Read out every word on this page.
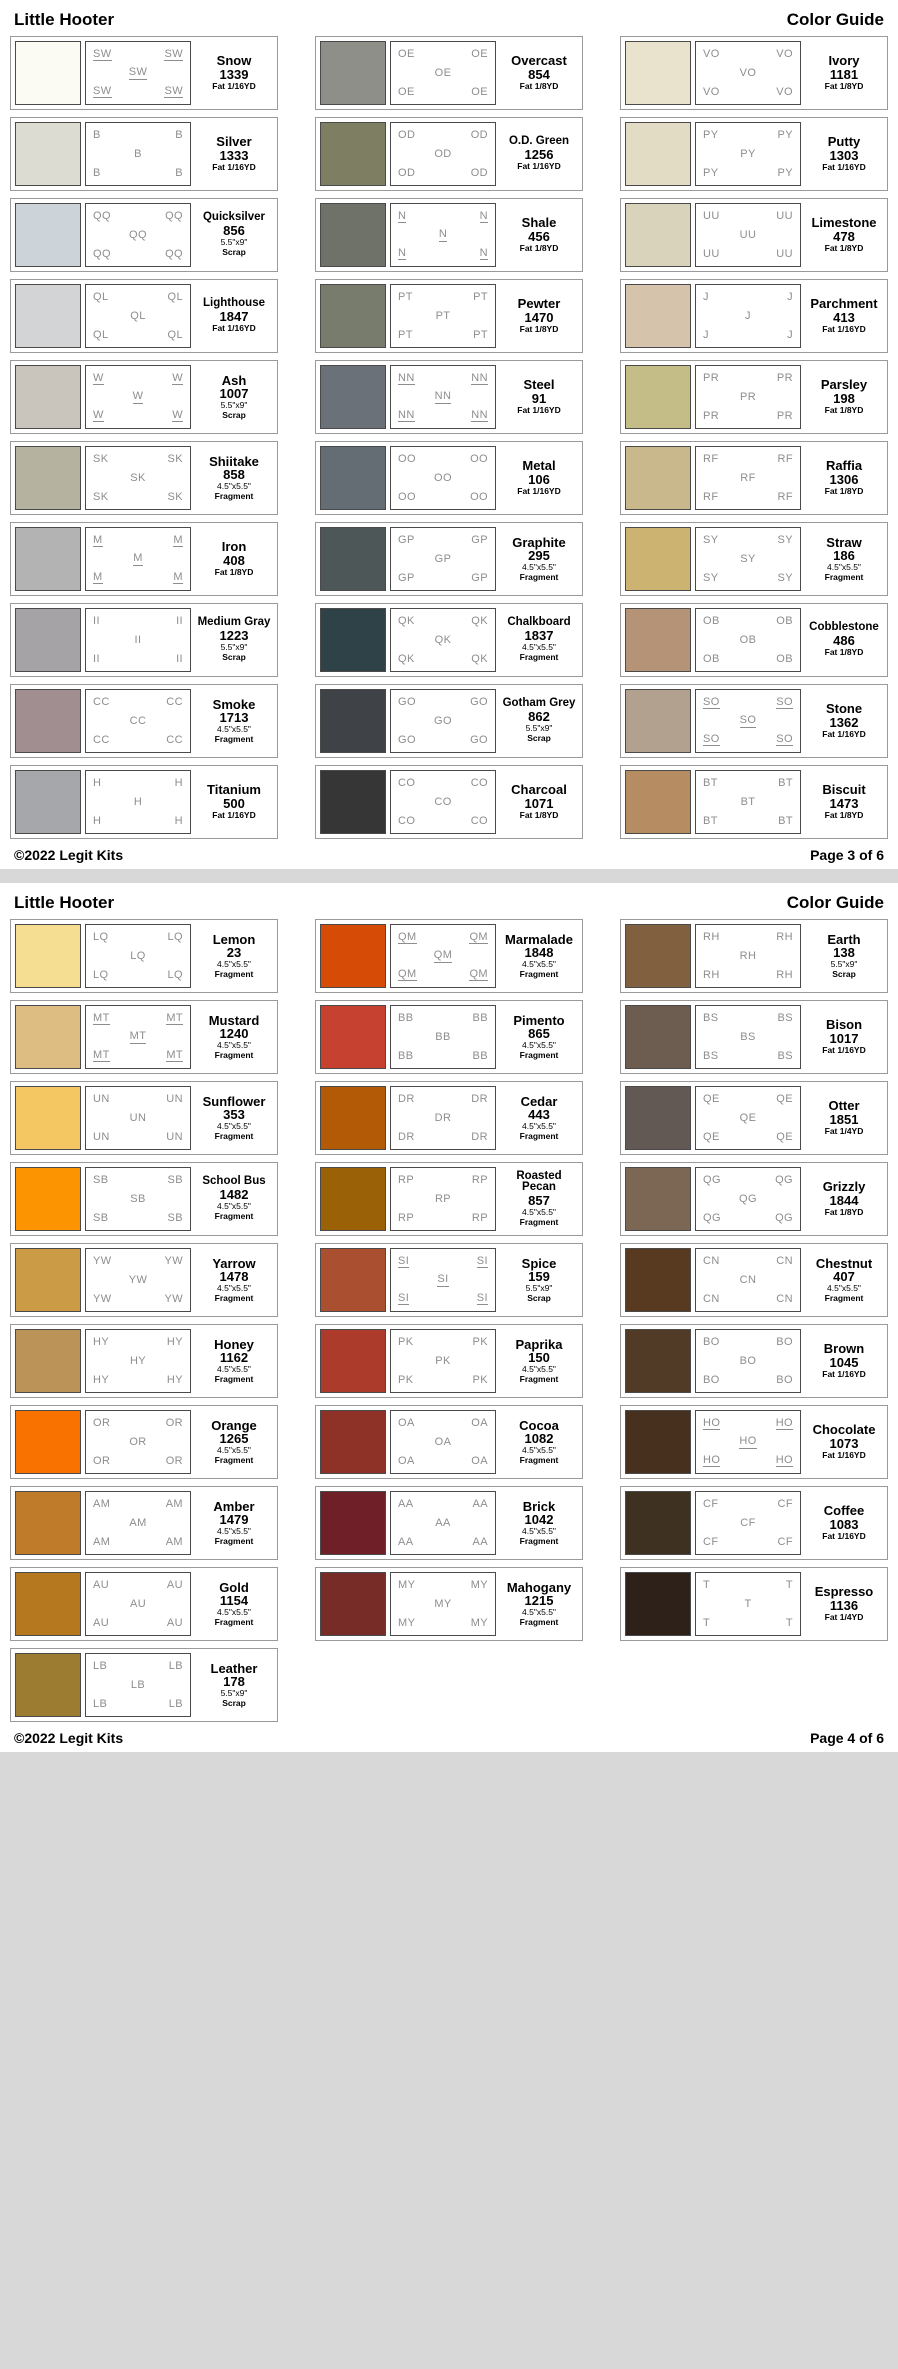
Little Hooter	Color Guide
SW	SW
SW
SW	SW
Snow
1339
Fat 1/16YD
B	B
B
B	B
Silver
1333
Fat 1/16YD
QQ	QQ
QQ
QQ	QQ
Quicksilver
856
5.5"x9"
Scrap
QL	QL
QL
QL	QL
Lighthouse
1847
Fat 1/16YD
W	W
W
W	W
Ash
1007
5.5"x9"
Scrap
SK	SK
SK
SK	SK
Shiitake
858
4.5"x5.5"
Fragment
M	M
M
M	M
Iron
408
Fat 1/8YD
II	II
II
II	II
Medium Gray
1223
5.5"x9"
Scrap
CC	CC
CC
CC	CC
Smoke
1713
4.5"x5.5"
Fragment
H	H
H
H	H
Titanium
500
Fat 1/16YD
OE	OE
OE
OE	OE
Overcast
854
Fat 1/8YD
OD	OD
OD
OD	OD
O.D. Green
1256
Fat 1/16YD
N	N
N
N	N
Shale
456
Fat 1/8YD
PT	PT
PT
PT	PT
Pewter
1470
Fat 1/8YD
NN	NN
NN
NN	NN
Steel
91
Fat 1/16YD
OO	OO
OO
OO	OO
Metal
106
Fat 1/16YD
GP	GP
GP
GP	GP
Graphite
295
4.5"x5.5"
Fragment
QK	QK
QK
QK	QK
Chalkboard
1837
4.5"x5.5"
Fragment
GO	GO
GO
GO	GO
Gotham Grey
862
5.5"x9"
Scrap
CO	CO
CO
CO	CO
Charcoal
1071
Fat 1/8YD
VO	VO
VO
VO	VO
Ivory
1181
Fat 1/8YD
PY	PY
PY
PY	PY
Putty
1303
Fat 1/16YD
UU	UU
UU
UU	UU
Limestone
478
Fat 1/8YD
J	J
J
J	J
Parchment
413
Fat 1/16YD
PR	PR
PR
PR	PR
Parsley
198
Fat 1/8YD
RF	RF
RF
RF	RF
Raffia
1306
Fat 1/8YD
SY	SY
SY
SY	SY
Straw
186
4.5"x5.5"
Fragment
OB	OB
OB
OB	OB
Cobblestone
486
Fat 1/8YD
SO	SO
SO
SO	SO
Stone
1362
Fat 1/16YD
BT	BT
BT
BT	BT
Biscuit
1473
Fat 1/8YD
©2022 Legit Kits	Page 3 of 6
Little Hooter	Color Guide
LQ	LQ
LQ
LQ	LQ
Lemon
23
4.5"x5.5"
Fragment
MT	MT
MT
MT	MT
Mustard
1240
4.5"x5.5"
Fragment
UN	UN
UN
UN	UN
Sunflower
353
4.5"x5.5"
Fragment
SB	SB
SB
SB	SB
School Bus
1482
4.5"x5.5"
Fragment
YW	YW
YW
YW	YW
Yarrow
1478
4.5"x5.5"
Fragment
HY	HY
HY
HY	HY
Honey
1162
4.5"x5.5"
Fragment
OR	OR
OR
OR	OR
Orange
1265
4.5"x5.5"
Fragment
AM	AM
AM
AM	AM
Amber
1479
4.5"x5.5"
Fragment
AU	AU
AU
AU	AU
Gold
1154
4.5"x5.5"
Fragment
LB	LB
LB
LB	LB
Leather
178
5.5"x9"
Scrap
QM	QM
QM
QM	QM
Marmalade
1848
4.5"x5.5"
Fragment
BB	BB
BB
BB	BB
Pimento
865
4.5"x5.5"
Fragment
DR	DR
DR
DR	DR
Cedar
443
4.5"x5.5"
Fragment
RP	RP
RP
RP	RP
Roasted Pecan
857
4.5"x5.5"
Fragment
SI	SI
SI
SI	SI
Spice
159
5.5"x9"
Scrap
PK	PK
PK
PK	PK
Paprika
150
4.5"x5.5"
Fragment
OA	OA
OA
OA	OA
Cocoa
1082
4.5"x5.5"
Fragment
AA	AA
AA
AA	AA
Brick
1042
4.5"x5.5"
Fragment
MY	MY
MY
MY	MY
Mahogany
1215
4.5"x5.5"
Fragment
RH	RH
RH
RH	RH
Earth
138
5.5"x9"
Scrap
BS	BS
BS
BS	BS
Bison
1017
Fat 1/16YD
QE	QE
QE
QE	QE
Otter
1851
Fat 1/4YD
QG	QG
QG
QG	QG
Grizzly
1844
Fat 1/8YD
CN	CN
CN
CN	CN
Chestnut
407
4.5"x5.5"
Fragment
BO	BO
BO
BO	BO
Brown
1045
Fat 1/16YD
HO	HO
HO
HO	HO
Chocolate
1073
Fat 1/16YD
CF	CF
CF
CF	CF
Coffee
1083
Fat 1/16YD
T	T
T
T	T
Espresso
1136
Fat 1/4YD
©2022 Legit Kits	Page 4 of 6
